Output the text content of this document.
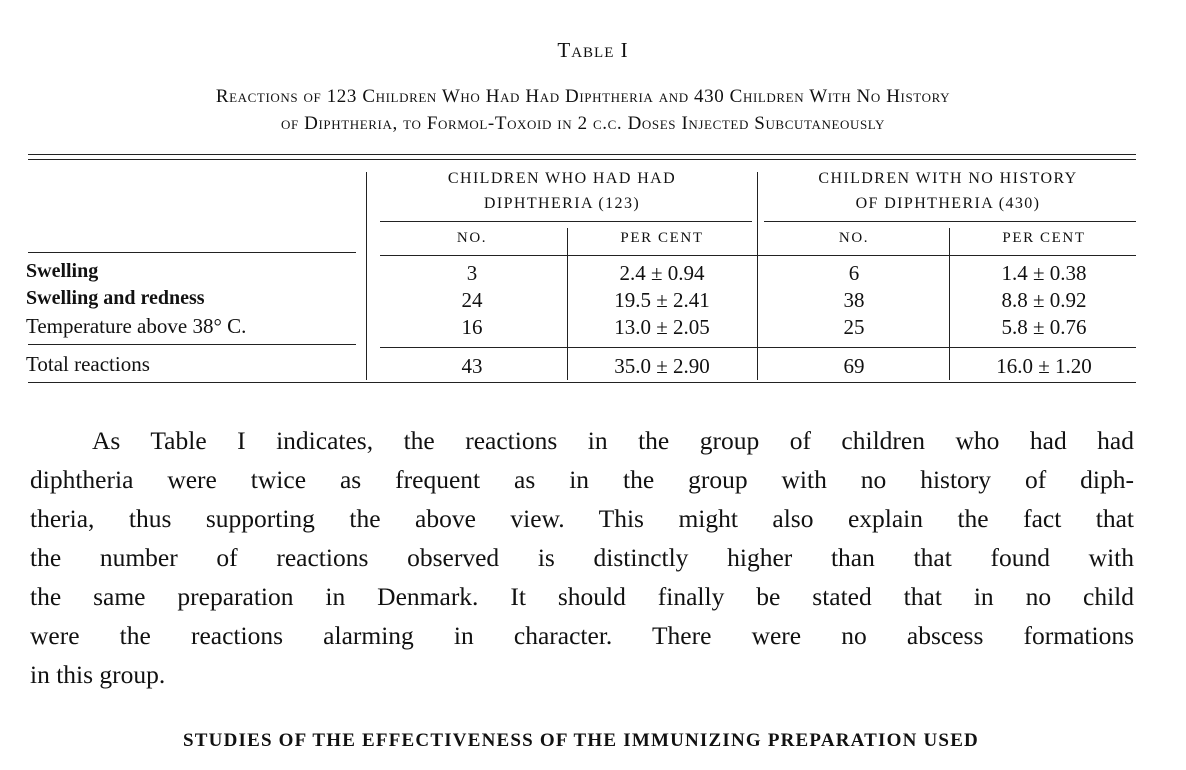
Table I
Reactions of 123 Children Who Had Had Diphtheria and 430 Children With No History
of Diphtheria, to Formol-Toxoid in 2 c.c. Doses Injected Subcutaneously
CHILDREN WHO HAD HAD
DIPHTHERIA (123)
CHILDREN WITH NO HISTORY
OF DIPHTHERIA (430)
NO.	PER CENT	NO.	PER CENT
Swelling	3	2.4 ± 0.94	6	1.4 ± 0.38
Swelling and redness	24	19.5 ± 2.41	38	8.8 ± 0.92
Temperature above 38° C.	16	13.0 ± 2.05	25	5.8 ± 0.76
Total reactions	43	35.0 ± 2.90	69	16.0 ± 1.20
As Table I indicates, the reactions in the group of children who had had
diphtheria were twice as frequent as in the group with no history of diph-
theria, thus supporting the above view. This might also explain the fact that
the number of reactions observed is distinctly higher than that found with
the same preparation in Denmark. It should finally be stated that in no child
were the reactions alarming in character. There were no abscess formations
in this group.
STUDIES OF THE EFFECTIVENESS OF THE IMMUNIZING PREPARATION USED
